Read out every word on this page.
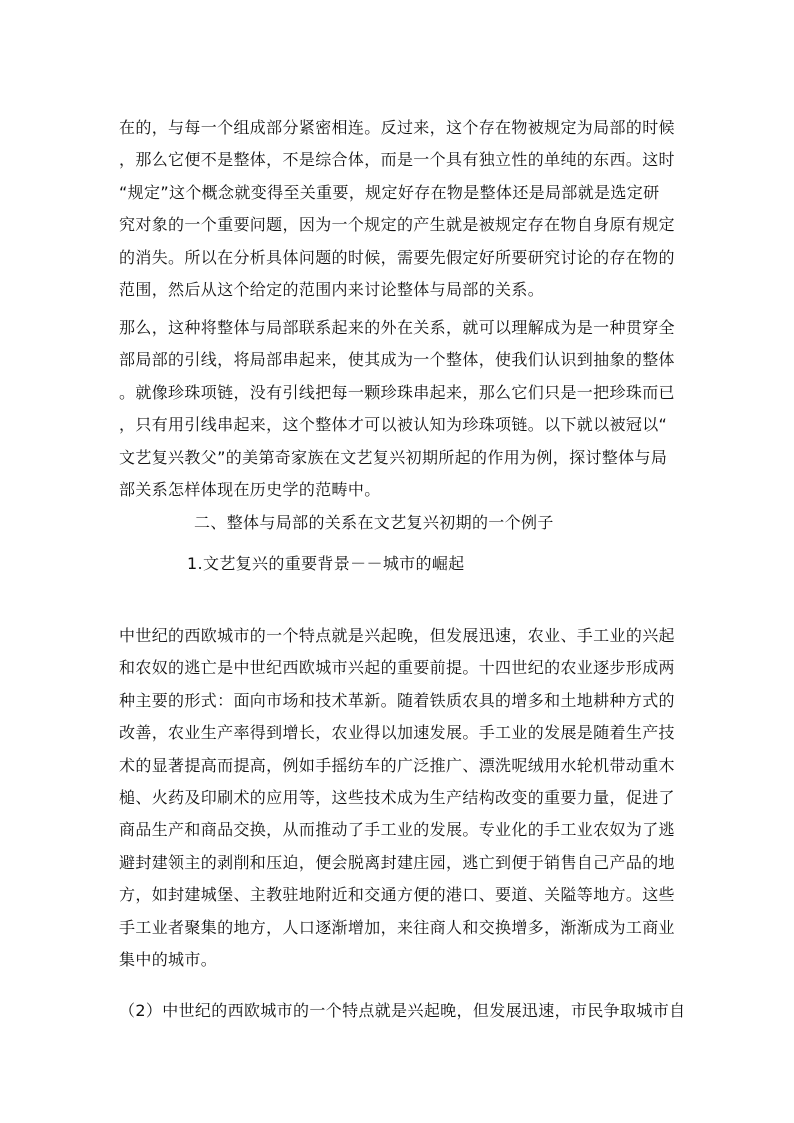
在的，与每一个组成部分紧密相连。反过来，这个存在物被规定为局部的时候
，那么它便不是整体，不是综合体，而是一个具有独立性的单纯的东西。这时
“规定”这个概念就变得至关重要，规定好存在物是整体还是局部就是选定研
究对象的一个重要问题，因为一个规定的产生就是被规定存在物自身原有规定
的消失。所以在分析具体问题的时候，需要先假定好所要研究讨论的存在物的
范围，然后从这个给定的范围内来讨论整体与局部的关系。
那么，这种将整体与局部联系起来的外在关系，就可以理解成为是一种贯穿全
部局部的引线，将局部串起来，使其成为一个整体，使我们认识到抽象的整体
。就像珍珠项链，没有引线把每一颗珍珠串起来，那么它们只是一把珍珠而已
，只有用引线串起来，这个整体才可以被认知为珍珠项链。以下就以被冠以“
文艺复兴教父”的美第奇家族在文艺复兴初期所起的作用为例，探讨整体与局
部关系怎样体现在历史学的范畴中。
二、整体与局部的关系在文艺复兴初期的一个例子
1.文艺复兴的重要背景－－城市的崛起
中世纪的西欧城市的一个特点就是兴起晚，但发展迅速，农业、手工业的兴起
和农奴的逃亡是中世纪西欧城市兴起的重要前提。十四世纪的农业逐步形成两
种主要的形式：面向市场和技术革新。随着铁质农具的增多和土地耕种方式的
改善，农业生产率得到增长，农业得以加速发展。手工业的发展是随着生产技
术的显著提高而提高，例如手摇纺车的广泛推广、漂洗呢绒用水轮机带动重木
槌、火药及印刷术的应用等，这些技术成为生产结构改变的重要力量，促进了
商品生产和商品交换，从而推动了手工业的发展。专业化的手工业农奴为了逃
避封建领主的剥削和压迫，便会脱离封建庄园，逃亡到便于销售自己产品的地
方，如封建城堡、主教驻地附近和交通方便的港口、要道、关隘等地方。这些
手工业者聚集的地方，人口逐渐增加，来往商人和交换增多，渐渐成为工商业
集中的城市。
（2）中世纪的西欧城市的一个特点就是兴起晚，但发展迅速，市民争取城市自
